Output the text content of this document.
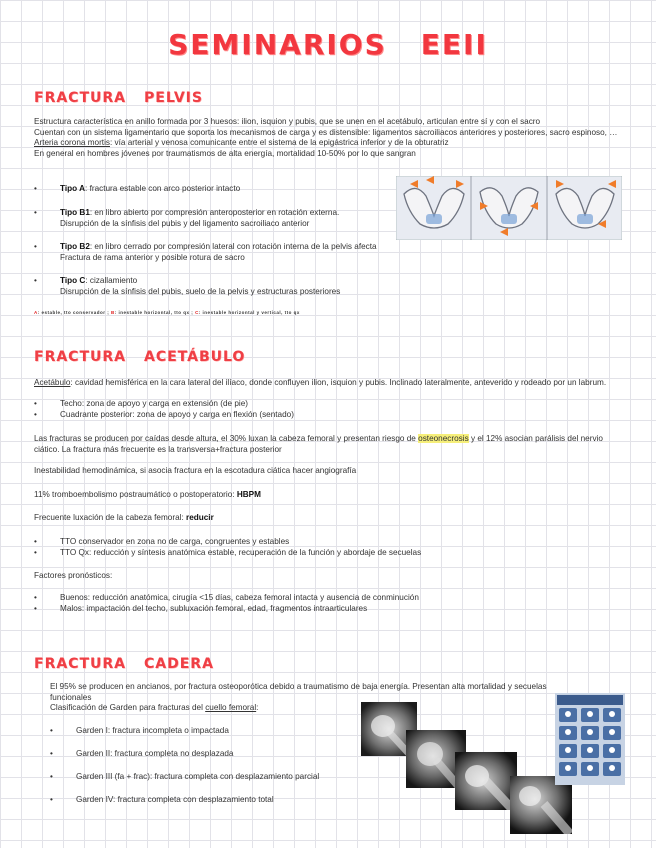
SEMINARIOS EEII
FRACTURA PELVIS
Estructura característica en anillo formada por 3 huesos: ilion, isquion y pubis, que se unen en el acetábulo, articulan entre sí y con el sacro
Cuentan con un sistema ligamentario que soporta los mecanismos de carga y es distensible: ligamentos sacroiliacos anteriores y posteriores, sacro espinoso, …
Arteria corona mortis: vía arterial y venosa comunicante entre el sistema de la epigástrica inferior y de la obturatriz
En general en hombres jóvenes por traumatismos de alta energía, mortalidad 10-50% por lo que sangran
•	Tipo A: fractura estable con arco posterior intacto
•	Tipo B1: en libro abierto por compresión anteroposterior en rotación externa.
Disrupción de la sínfisis del pubis y del ligamento sacroiliaco anterior
•	Tipo B2: en libro cerrado por compresión lateral con rotación interna de la pelvis afecta
Fractura de rama anterior y posible rotura de sacro
•	Tipo C: cizallamiento
Disrupción de la sínfisis del pubis, suelo de la pelvis y estructuras posteriores
A: estable, tto conservador ; B: inestable horizontal, tto qx ; C: inestable horizontal y vertical, tto qx
FRACTURA ACETÁBULO
Acetábulo: cavidad hemisférica en la cara lateral del ilíaco, donde confluyen ilion, isquion y pubis. Inclinado lateralmente, anteverido y rodeado por un labrum.
•	Techo: zona de apoyo y carga en extensión (de pie)
•	Cuadrante posterior: zona de apoyo y carga en flexión (sentado)
Las fracturas se producen por caídas desde altura, el 30% luxan la cabeza femoral y presentan riesgo de osteonecrosis y el 12% asocian parálisis del nervio ciático. La fractura más frecuente es la transversa+fractura posterior
Inestabilidad hemodinámica, si asocia fractura en la escotadura ciática hacer angiografía
11% tromboembolismo postraumático o postoperatorio: HBPM
Frecuente luxación de la cabeza femoral: reducir
•	TTO conservador en zona no de carga, congruentes y estables
•	TTO Qx: reducción y síntesis anatómica estable, recuperación de la función y abordaje de secuelas
Factores pronósticos:
•	Buenos: reducción anatómica, cirugía <15 días, cabeza femoral intacta y ausencia de conminución
•	Malos: impactación del techo, subluxación femoral, edad, fragmentos intraarticulares
FRACTURA CADERA
El 95% se producen en ancianos, por fractura osteoporótica debido a traumatismo de baja energía. Presentan alta mortalidad y secuelas funcionales
Clasificación de Garden para fracturas del cuello femoral:
•	Garden I: fractura incompleta o impactada
•	Garden II: fractura completa no desplazada
•	Garden III (fa + frac): fractura completa con desplazamiento parcial
•	Garden IV: fractura completa con desplazamiento total
